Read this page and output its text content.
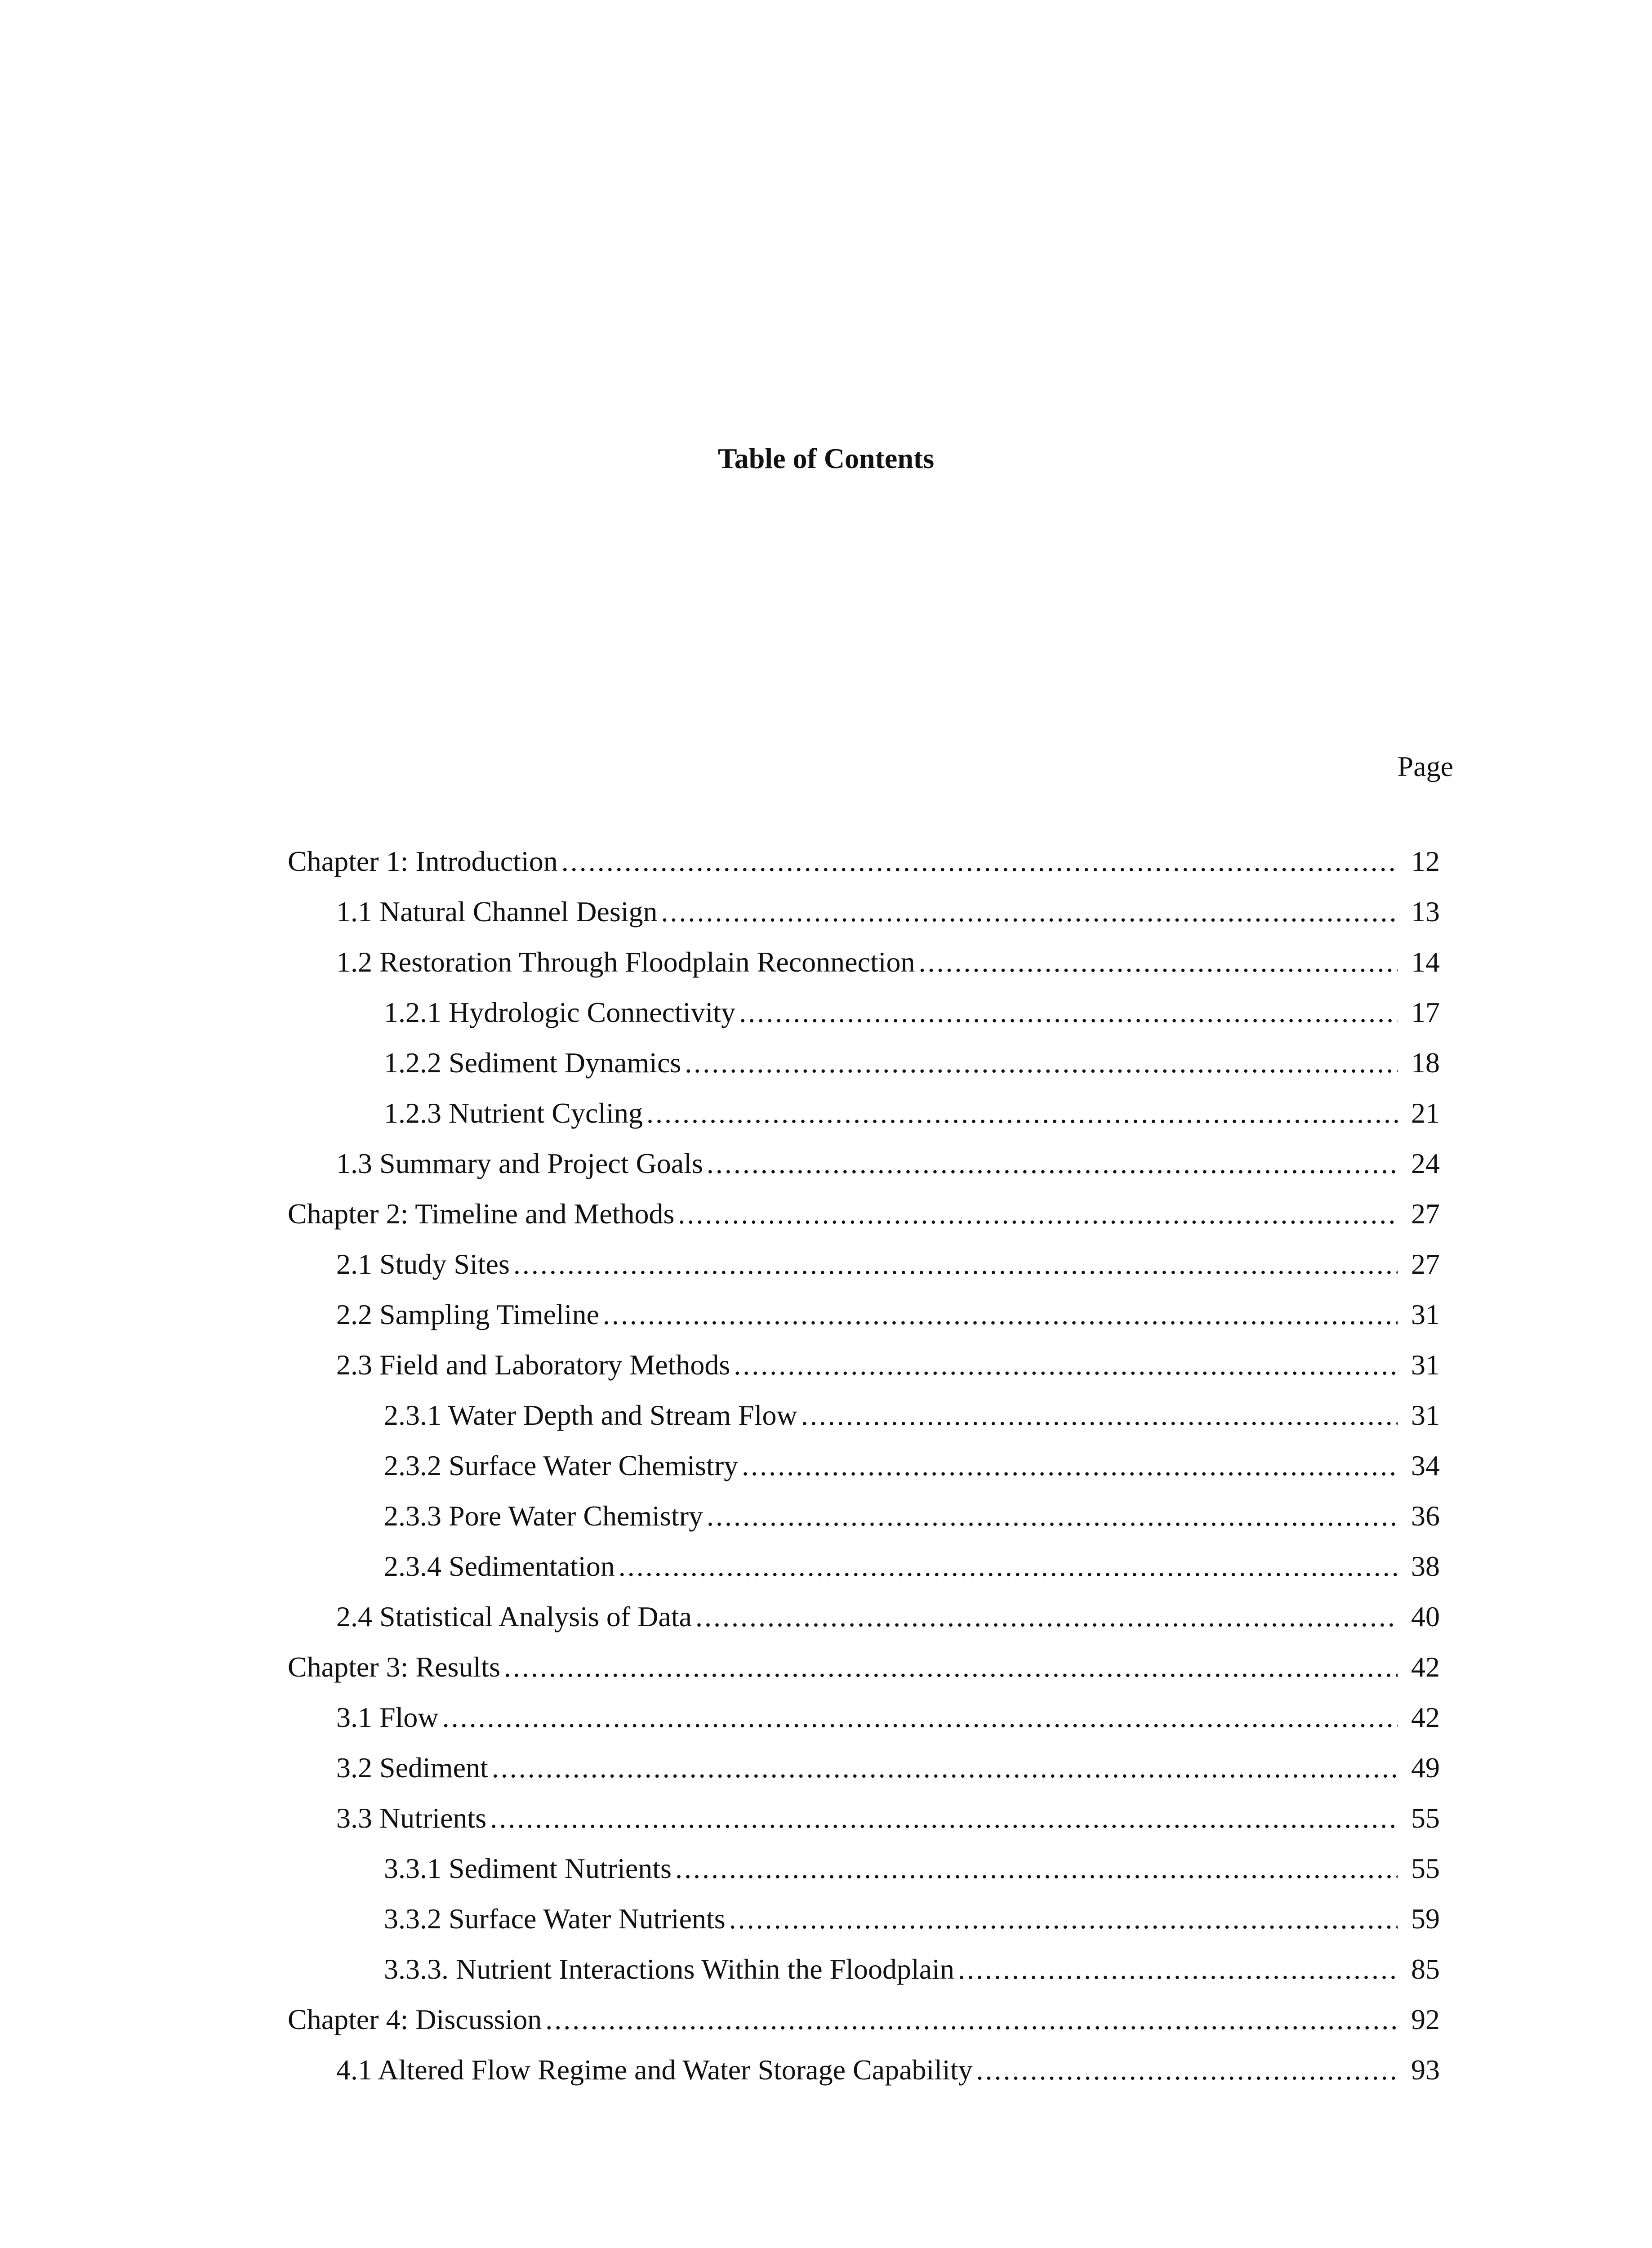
Table of Contents
Page
Chapter 1: Introduction . . .	12
1.1 Natural Channel Design . . .	13
1.2 Restoration Through Floodplain Reconnection . . .	14
1.2.1 Hydrologic Connectivity . . .	17
1.2.2 Sediment Dynamics . . .	18
1.2.3 Nutrient Cycling . . .	21
1.3 Summary and Project Goals . . .	24
Chapter 2: Timeline and Methods . . .	27
2.1 Study Sites . . .	27
2.2 Sampling Timeline . . .	31
2.3 Field and Laboratory Methods . . .	31
2.3.1 Water Depth and Stream Flow . . .	31
2.3.2 Surface Water Chemistry . . .	34
2.3.3 Pore Water Chemistry . . .	36
2.3.4 Sedimentation . . .	38
2.4 Statistical Analysis of Data . . .	40
Chapter 3: Results . . .	42
3.1 Flow . . .	42
3.2 Sediment . . .	49
3.3 Nutrients . . .	55
3.3.1 Sediment Nutrients . . .	55
3.3.2 Surface Water Nutrients . . .	59
3.3.3. Nutrient Interactions Within the Floodplain . . .	85
Chapter 4: Discussion . . .	92
4.1 Altered Flow Regime and Water Storage Capability . . .	93
